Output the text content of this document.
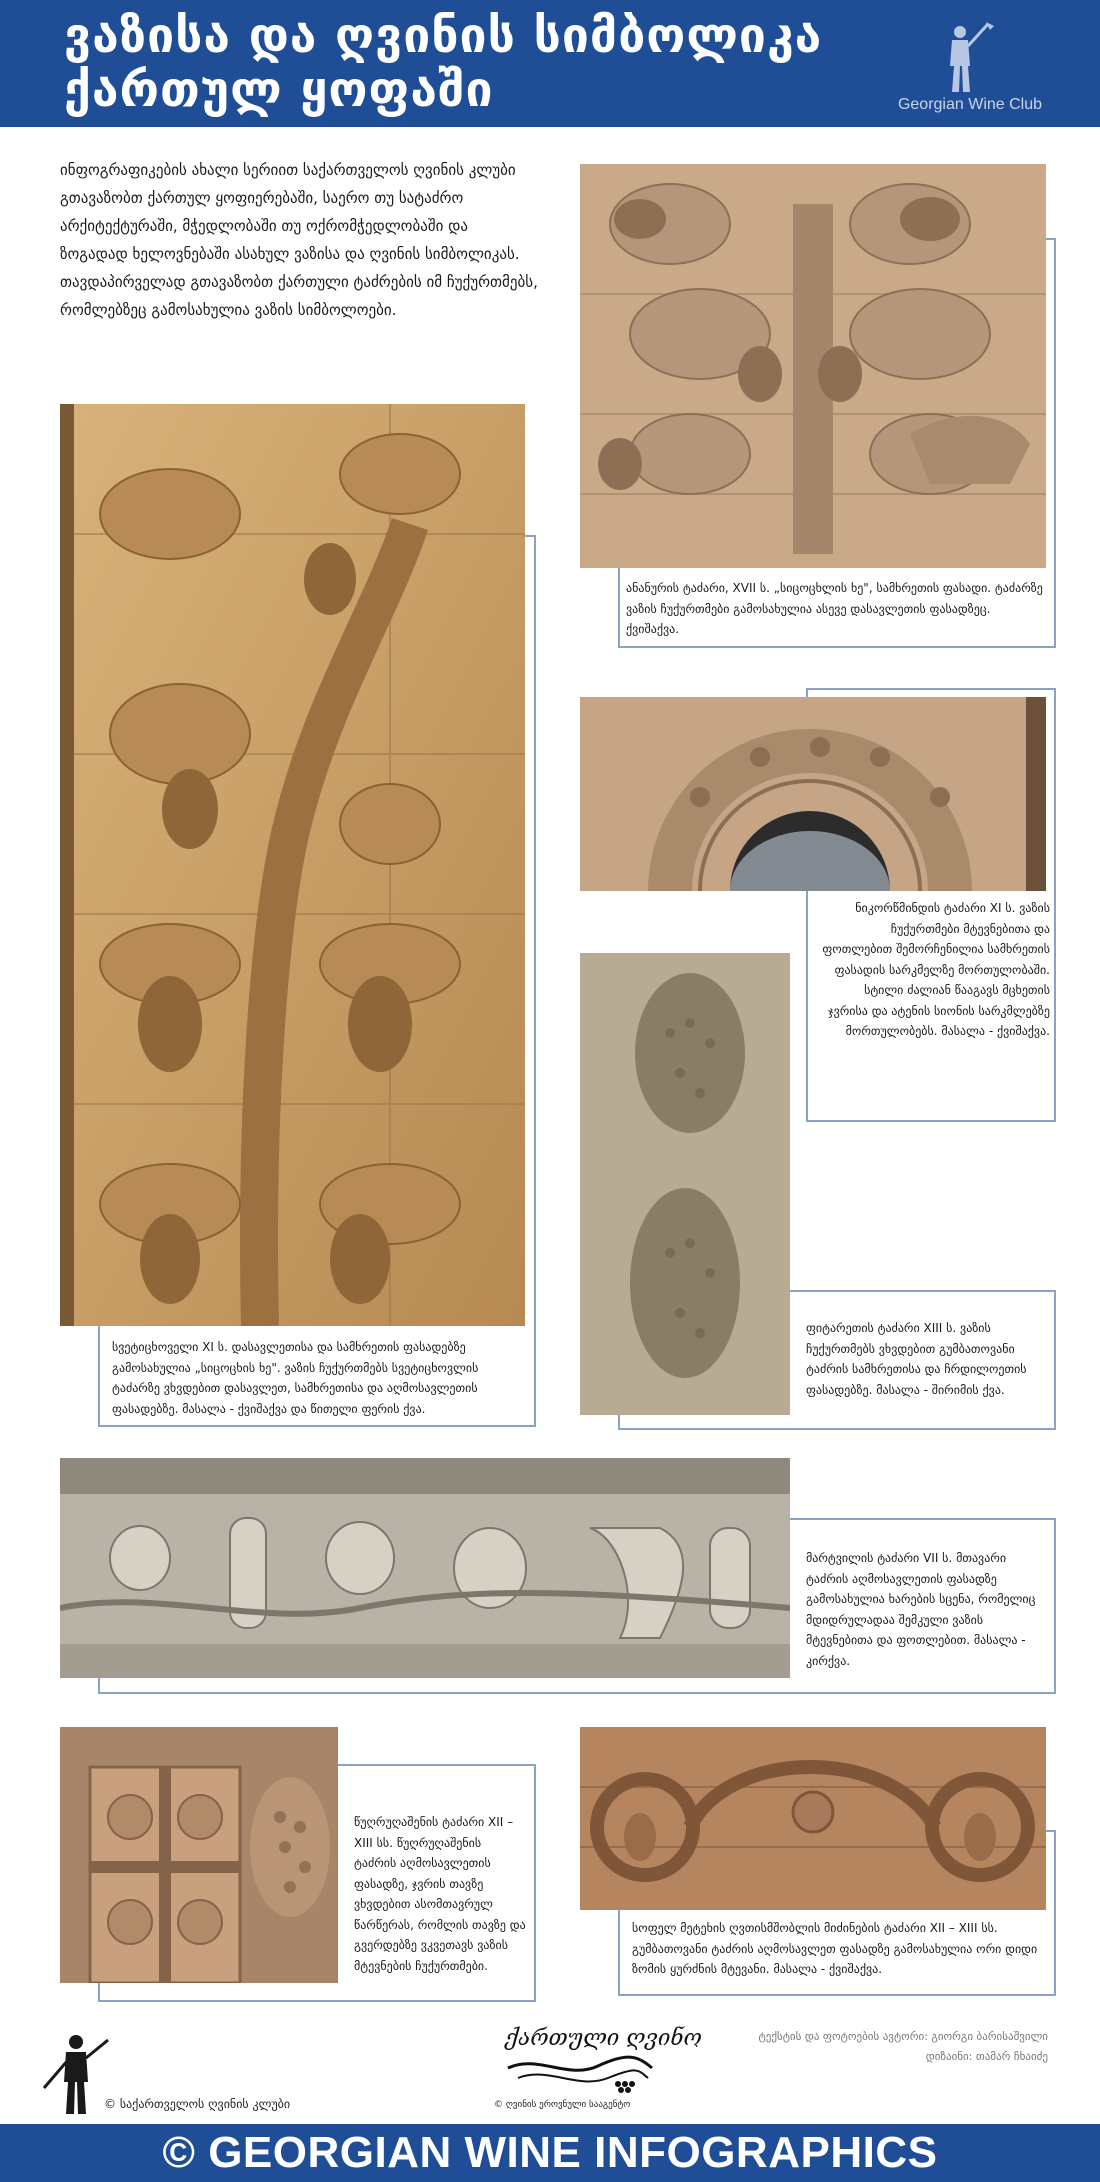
ვაზისა და ღვინის სიმბოლიკა
ქართულ ყოფაში	Georgian Wine Club

ინფოგრაფიკების ახალი სერიით საქართველოს ღვინის კლუბი გთავაზობთ ქართულ ყოფიერებაში, საერო თუ სატაძრო არქიტექტურაში, მჭედლობაში თუ ოქრომჭედლობაში და ზოგადად ხელოვნებაში ასახულ ვაზისა და ღვინის სიმბოლიკას. თავდაპირველად გთავაზობთ ქართული ტაძრების იმ ჩუქურთმებს, რომლებზეც გამოსახულია ვაზის სიმბოლოები.

სვეტიცხოველი XI ს. დასავლეთისა და სამხრეთის ფასადებზე გამოსახულია „სიცოცხის ხე". ვაზის ჩუქურთმებს სვეტიცხოვლის ტაძარზე ვხვდებით დასავლეთ, სამხრეთისა და აღმოსავლეთის ფასადებზე. მასალა - ქვიშაქვა და წითელი ფერის ქვა.
ანანურის ტაძარი, XVII ს. „სიცოცხლის ხე", სამხრეთის ფასადი. ტაძარზე ვაზის ჩუქურთმები გამოსახულია ასევე დასავლეთის ფასადზეც. ქვიშაქვა.
ნიკორწმინდის ტაძარი XI ს. ვაზის ჩუქურთმები მტევნებითა და ფოთლებით შემორჩენილია სამხრეთის ფასადის სარკმელზე მორთულობაში. სტილი ძალიან წააგავს მცხეთის ჯვრისა და ატენის სიონის სარკმლებზე მორთულობებს. მასალა - ქვიშაქვა.
ფიტარეთის ტაძარი XIII ს. ვაზის ჩუქურთმებს ვხვდებით გუმბათოვანი ტაძრის სამხრეთისა და ჩრდილოეთის ფასადებზე. მასალა - შირიმის ქვა.
მარტვილის ტაძარი VII ს. მთავარი ტაძრის აღმოსავლეთის ფასადზე გამოსახულია ხარების სცენა, რომელიც მდიდრულადაა შემკული ვაზის მტევნებითა და ფოთლებით. მასალა - კირქვა.
წუღრუღაშენის ტაძარი XII – XIII სს. წუღრუღაშენის ტაძრის აღმოსავლეთის ფასადზე, ჯვრის თავზე ვხვდებით ასომთავრულ წარწერას, რომლის თავზე და გვერდებზე ვკვეთავს ვაზის მტევნების ჩუქურთმები.
სოფელ მეტეხის ღვთისმშობლის მიძინების ტაძარი XII – XIII სს. გუმბათოვანი ტაძრის აღმოსავლეთ ფასადზე გამოსახულია ორი დიდი ზომის ყურძნის მტევანი. მასალა - ქვიშაქვა.
© საქართველოს ღვინის კლუბი
ქართული ღვინო
© ღვინის ეროვნული სააგენტო
ტექსტის და ფოტოების ავტორი: გიორგი ბარისაშვილი
დიზაინი: თამარ ჩხაიძე
© GEORGIAN WINE INFOGRAPHICS
